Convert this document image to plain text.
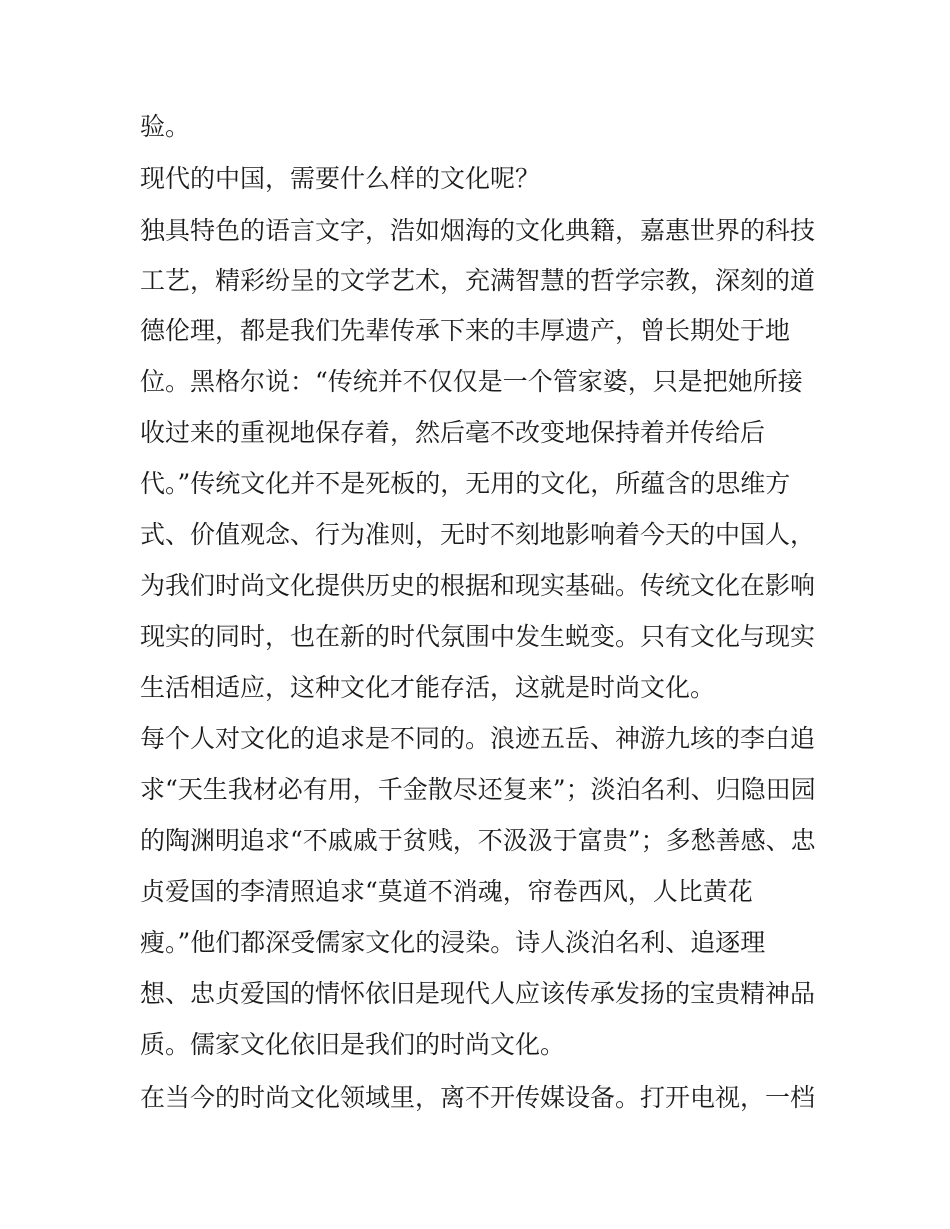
验。
现代的中国，需要什么样的文化呢？
独具特色的语言文字，浩如烟海的文化典籍，嘉惠世界的科技
工艺，精彩纷呈的文学艺术，充满智慧的哲学宗教，深刻的道
德伦理，都是我们先辈传承下来的丰厚遗产，曾长期处于地
位。黑格尔说：“传统并不仅仅是一个管家婆，只是把她所接
收过来的重视地保存着，然后毫不改变地保持着并传给后
代。”传统文化并不是死板的，无用的文化，所蕴含的思维方
式、价值观念、行为准则，无时不刻地影响着今天的中国人，
为我们时尚文化提供历史的根据和现实基础。传统文化在影响
现实的同时，也在新的时代氛围中发生蜕变。只有文化与现实
生活相适应，这种文化才能存活，这就是时尚文化。
每个人对文化的追求是不同的。浪迹五岳、神游九垓的李白追
求“天生我材必有用，千金散尽还复来”；淡泊名利、归隐田园
的陶渊明追求“不戚戚于贫贱，不汲汲于富贵”；多愁善感、忠
贞爱国的李清照追求“莫道不消魂，帘卷西风，人比黄花
瘦。”他们都深受儒家文化的浸染。诗人淡泊名利、追逐理
想、忠贞爱国的情怀依旧是现代人应该传承发扬的宝贵精神品
质。儒家文化依旧是我们的时尚文化。
在当今的时尚文化领域里，离不开传媒设备。打开电视，一档
